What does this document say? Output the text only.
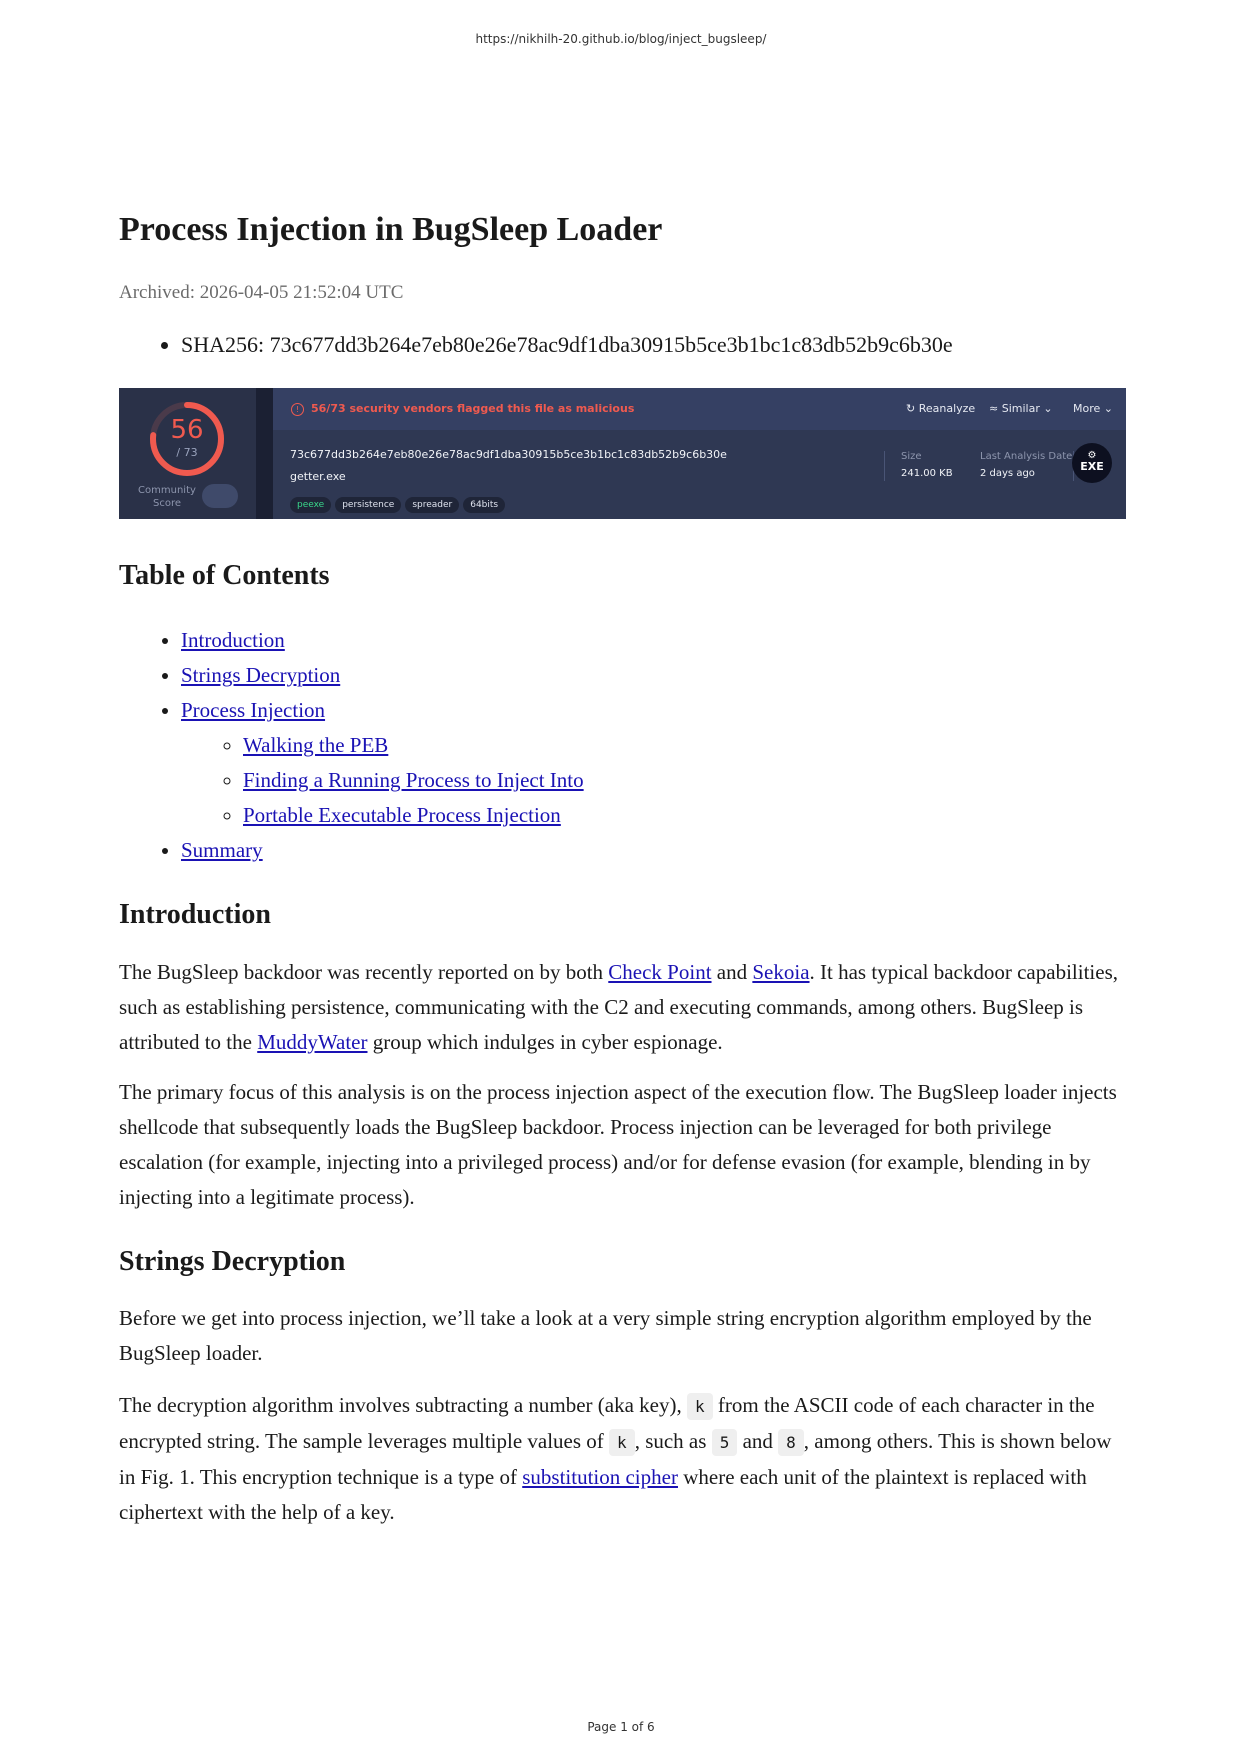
https://nikhilh-20.github.io/blog/inject_bugsleep/
Process Injection in BugSleep Loader
Archived: 2026-04-05 21:52:04 UTC
• SHA256: 73c677dd3b264e7eb80e26e78ac9df1dba30915b5ce3b1bc1c83db52b9c6b30e
56
/ 73
Community Score
!	56/73 security vendors flagged this file as malicious	↻ Reanalyze ≈ Similar ⌄ More ⌄
73c677dd3b264e7eb80e26e78ac9df1dba30915b5ce3b1bc1c83db52b9c6b30e
getter.exe
peexe persistence spreader 64bits
Size
241.00 KB
Last Analysis Date
2 days ago
⚙
EXE
Table of Contents
• Introduction
• Strings Decryption
• Process Injection
◦ Walking the PEB
◦ Finding a Running Process to Inject Into
◦ Portable Executable Process Injection
• Summary
Introduction

The BugSleep backdoor was recently reported on by both Check Point and Sekoia. It has typical backdoor capabilities, such as establishing persistence, communicating with the C2 and executing commands, among others. BugSleep is attributed to the MuddyWater group which indulges in cyber espionage.

The primary focus of this analysis is on the process injection aspect of the execution flow. The BugSleep loader injects shellcode that subsequently loads the BugSleep backdoor. Process injection can be leveraged for both privilege escalation (for example, injecting into a privileged process) and/or for defense evasion (for example, blending in by injecting into a legitimate process).

Strings Decryption

Before we get into process injection, we’ll take a look at a very simple string encryption algorithm employed by the BugSleep loader.

The decryption algorithm involves subtracting a number (aka key), k from the ASCII code of each character in the encrypted string. The sample leverages multiple values of k , such as 5 and 8 , among others. This is shown below in Fig. 1. This encryption technique is a type of substitution cipher where each unit of the plaintext is replaced with ciphertext with the help of a key.

Page 1 of 6
